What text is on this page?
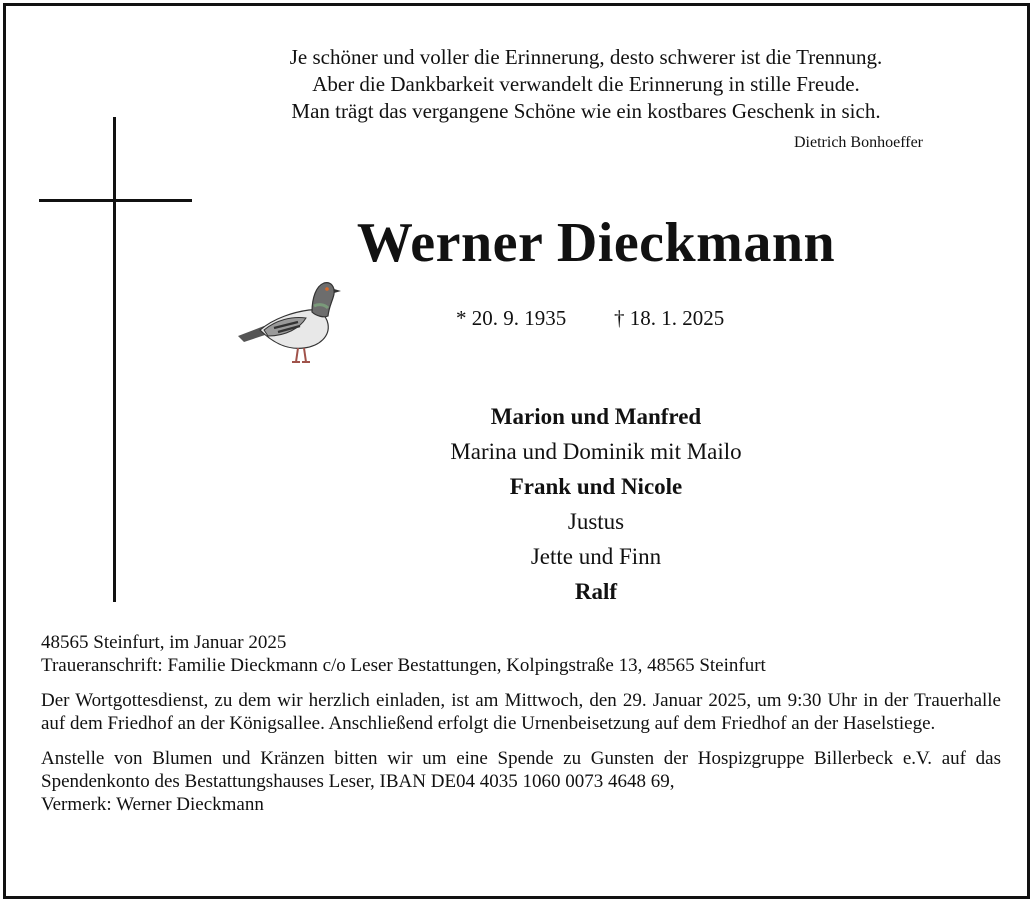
Je schöner und voller die Erinnerung, desto schwerer ist die Trennung.
Aber die Dankbarkeit verwandelt die Erinnerung in stille Freude.
Man trägt das vergangene Schöne wie ein kostbares Geschenk in sich.
Dietrich Bonhoeffer
Werner Dieckmann
* 20. 9. 1935 † 18. 1. 2025
Marion und Manfred
Marina und Dominik mit Mailo
Frank und Nicole
Justus
Jette und Finn
Ralf

48565 Steinfurt, im Januar 2025

Traueranschrift: Familie Dieckmann c/o Leser Bestattungen, Kolpingstraße 13, 48565 Steinfurt

Der Wortgottesdienst, zu dem wir herzlich einladen, ist am Mittwoch, den 29. Januar 2025, um 9:30 Uhr in der Trauerhalle auf dem Friedhof an der Königsallee. Anschließend erfolgt die Urnenbeisetzung auf dem Friedhof an der Haselstiege.

Anstelle von Blumen und Kränzen bitten wir um eine Spende zu Gunsten der Hospizgruppe Billerbeck e.V. auf das Spendenkonto des Bestattungshauses Leser, IBAN DE04 4035 1060 0073 4648 69,

Vermerk: Werner Dieckmann
